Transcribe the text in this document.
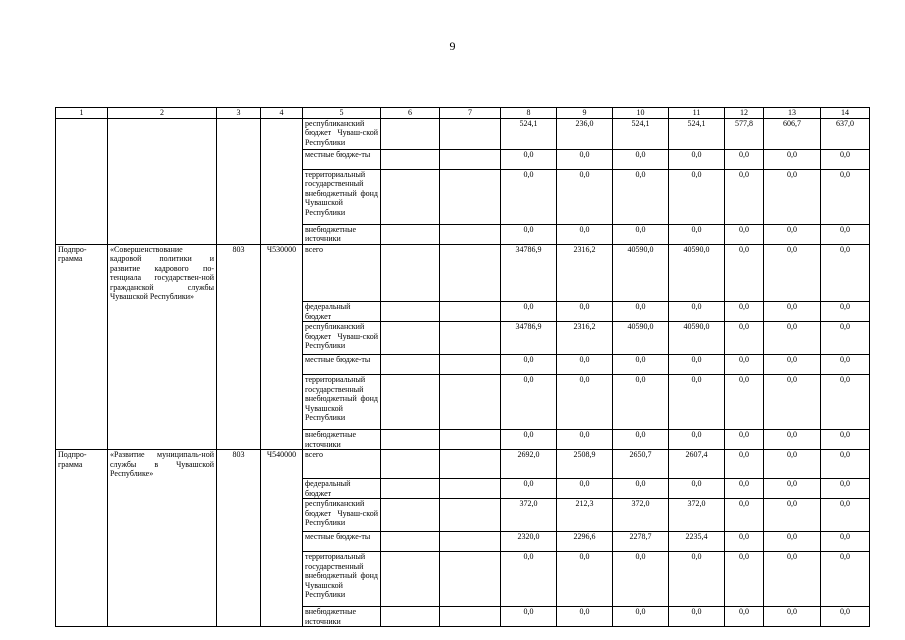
9
1	2	3	4	5	6	7	8	9	10	11	12	13	14
				республиканский бюджет Чуваш-ской Республики			524,1	236,0	524,1	524,1	577,8	606,7	637,0
				местные бюдже-ты			0,0	0,0	0,0	0,0	0,0	0,0	0,0
				территориальный государственный внебюджетный фонд Чувашской Республики			0,0	0,0	0,0	0,0	0,0	0,0	0,0
				внебюджетные источники			0,0	0,0	0,0	0,0	0,0	0,0	0,0
Подпро-грамма	«Совершенствование кадровой политики и развитие кадрового по-тенциала государствен-ной гражданской службы Чувашской Республики»	803	Ч530000	всего			34786,9	2316,2	40590,0	40590,0	0,0	0,0	0,0
				федеральный бюджет			0,0	0,0	0,0	0,0	0,0	0,0	0,0
				республиканский бюджет Чуваш-ской Республики			34786,9	2316,2	40590,0	40590,0	0,0	0,0	0,0
				местные бюдже-ты			0,0	0,0	0,0	0,0	0,0	0,0	0,0
				территориальный государственный внебюджетный фонд Чувашской Республики			0,0	0,0	0,0	0,0	0,0	0,0	0,0
				внебюджетные источники			0,0	0,0	0,0	0,0	0,0	0,0	0,0
Подпро-грамма	«Развитие муниципаль-ной службы в Чувашской Республике»	803	Ч540000	всего			2692,0	2508,9	2650,7	2607,4	0,0	0,0	0,0
				федеральный бюджет			0,0	0,0	0,0	0,0	0,0	0,0	0,0
				республиканский бюджет Чуваш-ской Республики			372,0	212,3	372,0	372,0	0,0	0,0	0,0
				местные бюдже-ты			2320,0	2296,6	2278,7	2235,4	0,0	0,0	0,0
				территориальный государственный внебюджетный фонд Чувашской Республики			0,0	0,0	0,0	0,0	0,0	0,0	0,0
				внебюджетные источники			0,0	0,0	0,0	0,0	0,0	0,0	0,0
